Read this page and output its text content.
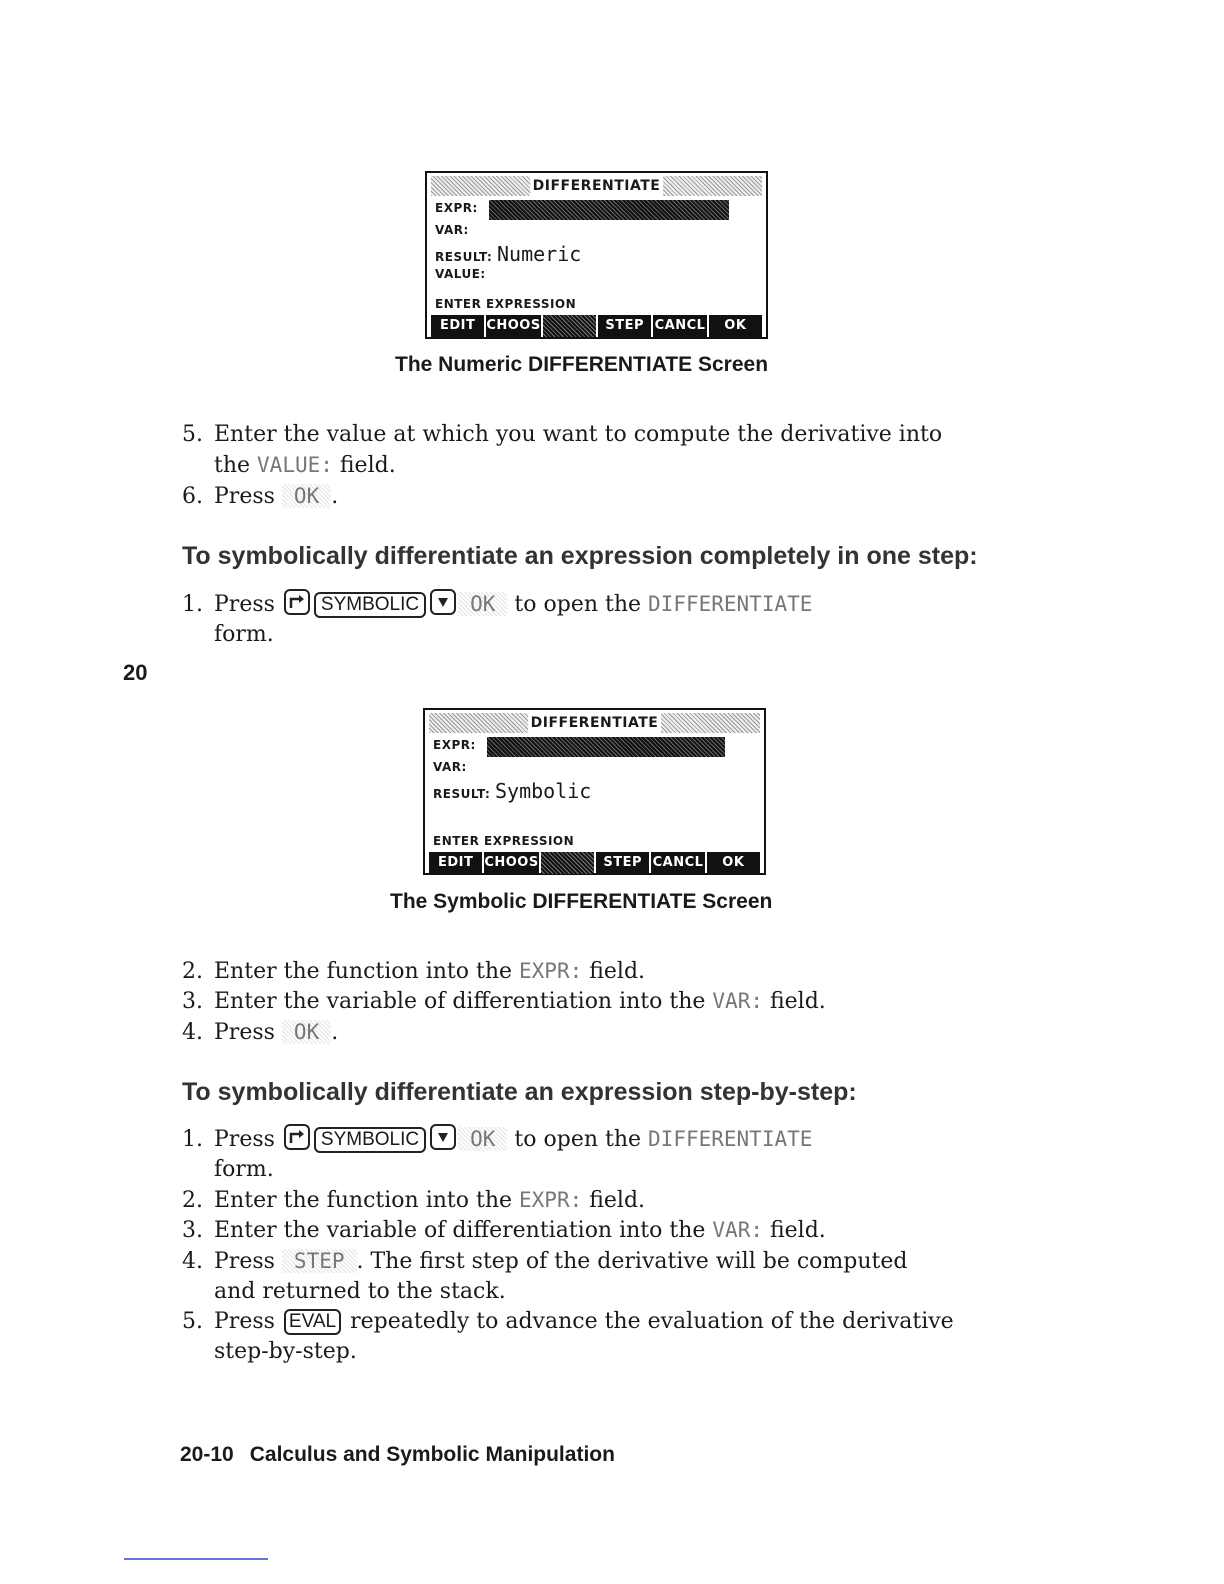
DIFFERENTIATE
EXPR:
VAR:
RESULT: Numeric
VALUE:
ENTER EXPRESSION
EDIT CHOOS	STEP CANCL	OK
The Numeric DIFFERENTIATE Screen
5. Enter the value at which you want to compute the derivative into
the VALUE: field.
6. Press OK .
To symbolically differentiate an expression completely in one step:
1. Press
SYMBOLIC OK to open the DIFFERENTIATE
form.
20
DIFFERENTIATE
EXPR:
VAR:
RESULT: Symbolic
ENTER EXPRESSION
EDIT CHOOS	STEP CANCL	OK
The Symbolic DIFFERENTIATE Screen
2. Enter the function into the EXPR: field.
3. Enter the variable of differentiation into the VAR: field.
4. Press OK .
To symbolically differentiate an expression step-by-step:
1. Press
SYMBOLIC OK to open the DIFFERENTIATE
form.
2. Enter the function into the EXPR: field.
3. Enter the variable of differentiation into the VAR: field.
4. Press STEP . The first step of the derivative will be computed
and returned to the stack.
5. Press EVAL repeatedly to advance the evaluation of the derivative
step-by-step.
20-10 Calculus and Symbolic Manipulation
